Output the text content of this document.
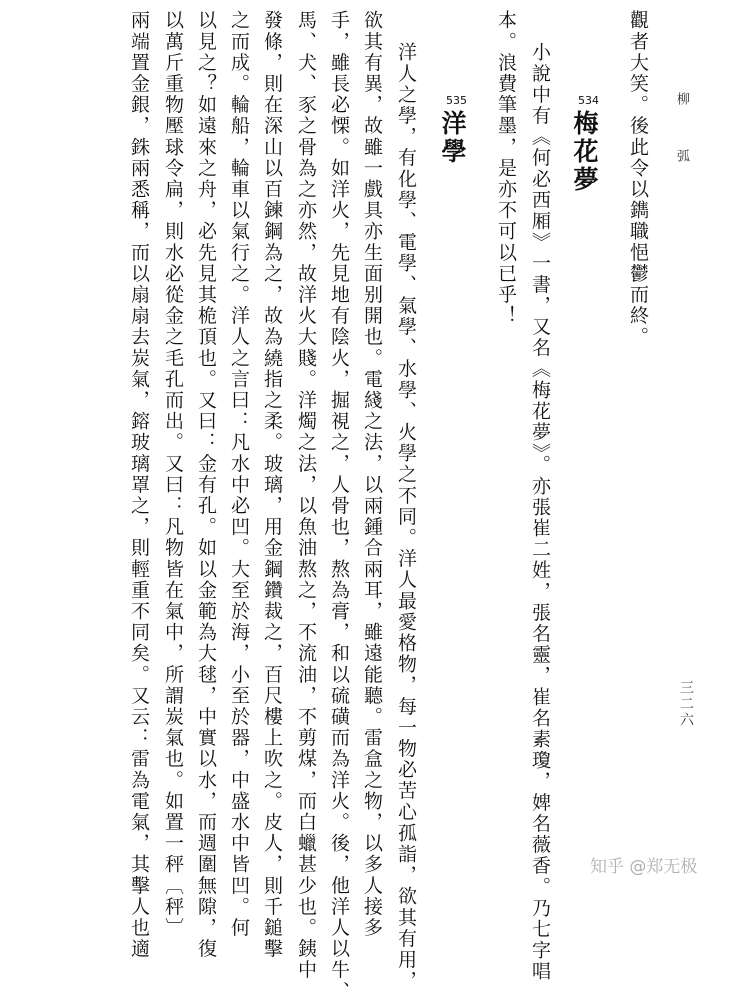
柳 弧
三二六
觀者大笑。後此令以鐫職悒鬱而終。
534
梅花夢
小說中有《何必西厢》一書，又名《梅花夢》。亦張崔二姓，張名靈，崔名素瓊，婢名薇香。乃七字唱
本。浪費筆墨，是亦不可以已乎！
535
洋學
洋人之學，有化學、電學、氣學、水學、火學之不同。洋人最愛格物，每一物必苦心孤詣，欲其有用，
欲其有異，故雖一戲具亦生面别開也。電綫之法，以兩鍾合兩耳，雖遠能聽。雷盒之物，以多人接多
手，雖長必慄。如洋火，先見地有陰火，掘視之，人骨也，熬為膏，和以硫磺而為洋火。後，他洋人以牛、
馬、犬、豕之骨為之亦然，故洋火大賤。洋燭之法，以魚油熬之，不流油，不剪煤，而白蠟甚少也。銕中
發條，則在深山以百鍊鋼為之，故為繞指之柔。玻璃，用金鋼鑽裁之，百尺樓上吹之。皮人，則千鎚擊
之而成。輪船，輪車以氣行之。洋人之言曰：凡水中必凹。大至於海，小至於器，中盛水中皆凹。何
以見之？如遠來之舟，必先見其桅頂也。又曰：金有孔。如以金範為大毬，中實以水，而週圍無隙，復
以萬斤重物壓球令扁，則水必從金之毛孔而出。又曰：凡物皆在氣中，所謂炭氣也。如置一秤〔秤〕
兩端置金銀，銖兩悉稱，而以扇扇去炭氣，鎔玻璃罩之，則輕重不同矣。又云：雷為電氣，其擊人也適	知乎 @郑无极
